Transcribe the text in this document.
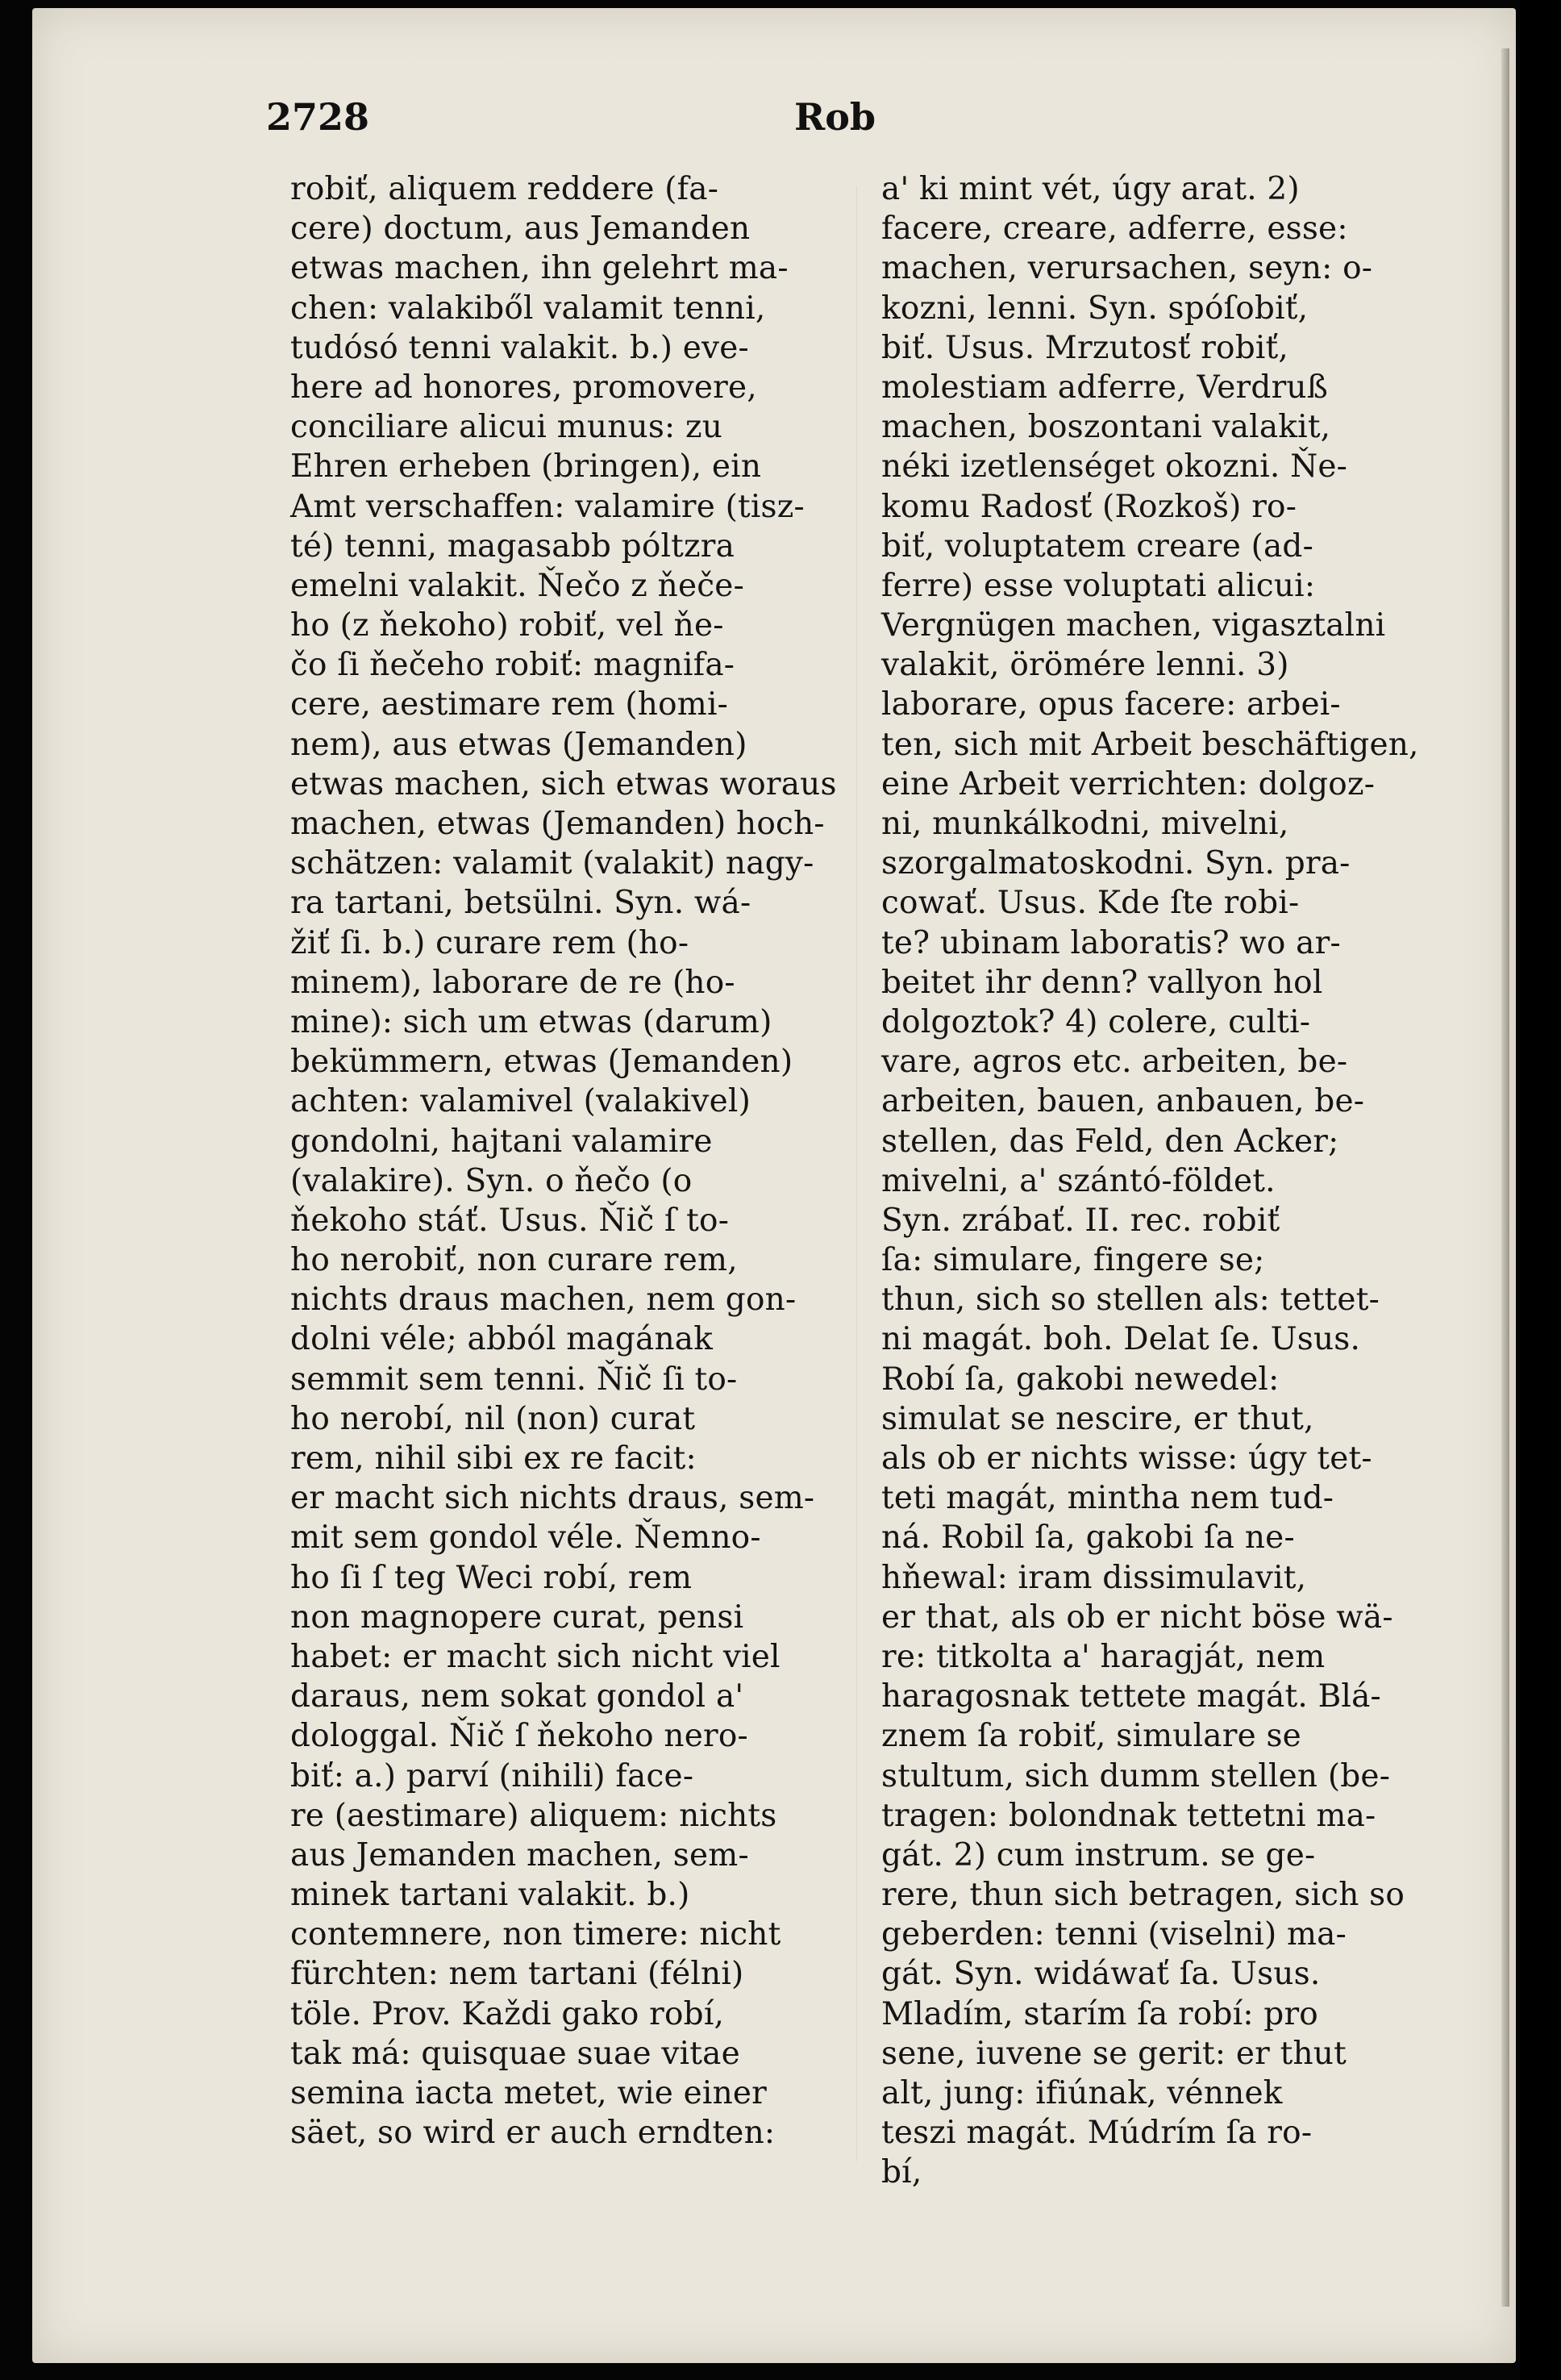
2728	Rob
robiť, aliquem reddere (fa-
cere) doctum, aus Jemanden
etwas machen, ihn gelehrt ma-
chen: valakiből valamit tenni,
tudósó tenni valakit. b.) eve-
here ad honores, promovere,
conciliare alicui munus: zu
Ehren erheben (bringen), ein
Amt verschaffen: valamire (tisz-
té) tenni, magasabb póltzra
emelni valakit. Ňečo z ňeče-
ho (z ňekoho) robiť, vel ňe-
čo ſi ňečeho robiť: magnifa-
cere, aestimare rem (homi-
nem), aus etwas (Jemanden)
etwas machen, sich etwas woraus
machen, etwas (Jemanden) hoch-
schätzen: valamit (valakit) nagy-
ra tartani, betsülni. Syn. wá-
žiť ſi. b.) curare rem (ho-
minem), laborare de re (ho-
mine): sich um etwas (darum)
bekümmern, etwas (Jemanden)
achten: valamivel (valakivel)
gondolni, hajtani valamire
(valakire). Syn. o ňečo (o
ňekoho stáť. Usus. Ňič ſ to-
ho nerobiť, non curare rem,
nichts draus machen, nem gon-
dolni véle; abból magának
semmit sem tenni. Ňič ſi to-
ho nerobí, nil (non) curat
rem, nihil sibi ex re facit:
er macht sich nichts draus, sem-
mit sem gondol véle. Ňemno-
ho ſi ſ teg Weci robí, rem
non magnopere curat, pensi
habet: er macht sich nicht viel
daraus, nem sokat gondol a'
dologgal. Ňič ſ ňekoho nero-
biť: a.) parví (nihili) face-
re (aestimare) aliquem: nichts
aus Jemanden machen, sem-
minek tartani valakit. b.)
contemnere, non timere: nicht
fürchten: nem tartani (félni)
töle. Prov. Každi gako robí,
tak má: quisquae suae vitae
semina iacta metet, wie einer
säet, so wird er auch erndten:
a' ki mint vét, úgy arat. 2)
facere, creare, adferre, esse:
machen, verursachen, seyn: o-
kozni, lenni. Syn. spóſobiť,
biť. Usus. Mrzutosť robiť,
molestiam adferre, Verdruß
machen, boszontani valakit,
néki izetlenséget okozni. Ňe-
komu Radosť (Rozkoš) ro-
biť, voluptatem creare (ad-
ferre) esse voluptati alicui:
Vergnügen machen, vigasztalni
valakit, örömére lenni. 3)
laborare, opus facere: arbei-
ten, sich mit Arbeit beschäftigen,
eine Arbeit verrichten: dolgoz-
ni, munkálkodni, mivelni,
szorgalmatoskodni. Syn. pra-
cowať. Usus. Kde ſte robi-
te? ubinam laboratis? wo ar-
beitet ihr denn? vallyon hol
dolgoztok? 4) colere, culti-
vare, agros etc. arbeiten, be-
arbeiten, bauen, anbauen, be-
stellen, das Feld, den Acker;
mivelni, a' szántó-földet.
Syn. zrábať. II. rec. robiť
ſa: simulare, fingere se;
thun, sich so stellen als: tettet-
ni magát. boh. Delat ſe. Usus.
Robí ſa, gakobi newedel:
simulat se nescire, er thut,
als ob er nichts wisse: úgy tet-
teti magát, mintha nem tud-
ná. Robil ſa, gakobi ſa ne-
hňewal: iram dissimulavit,
er that, als ob er nicht böse wä-
re: titkolta a' haragját, nem
haragosnak tettete magát. Blá-
znem ſa robiť, simulare se
stultum, sich dumm stellen (be-
tragen: bolondnak tettetni ma-
gát. 2) cum instrum. se ge-
rere, thun sich betragen, sich so
geberden: tenni (viselni) ma-
gát. Syn. widáwať ſa. Usus.
Mladím, starím ſa robí: pro
sene, iuvene se gerit: er thut
alt, jung: ifiúnak, vénnek
teszi magát. Múdrím ſa ro-
bí,
